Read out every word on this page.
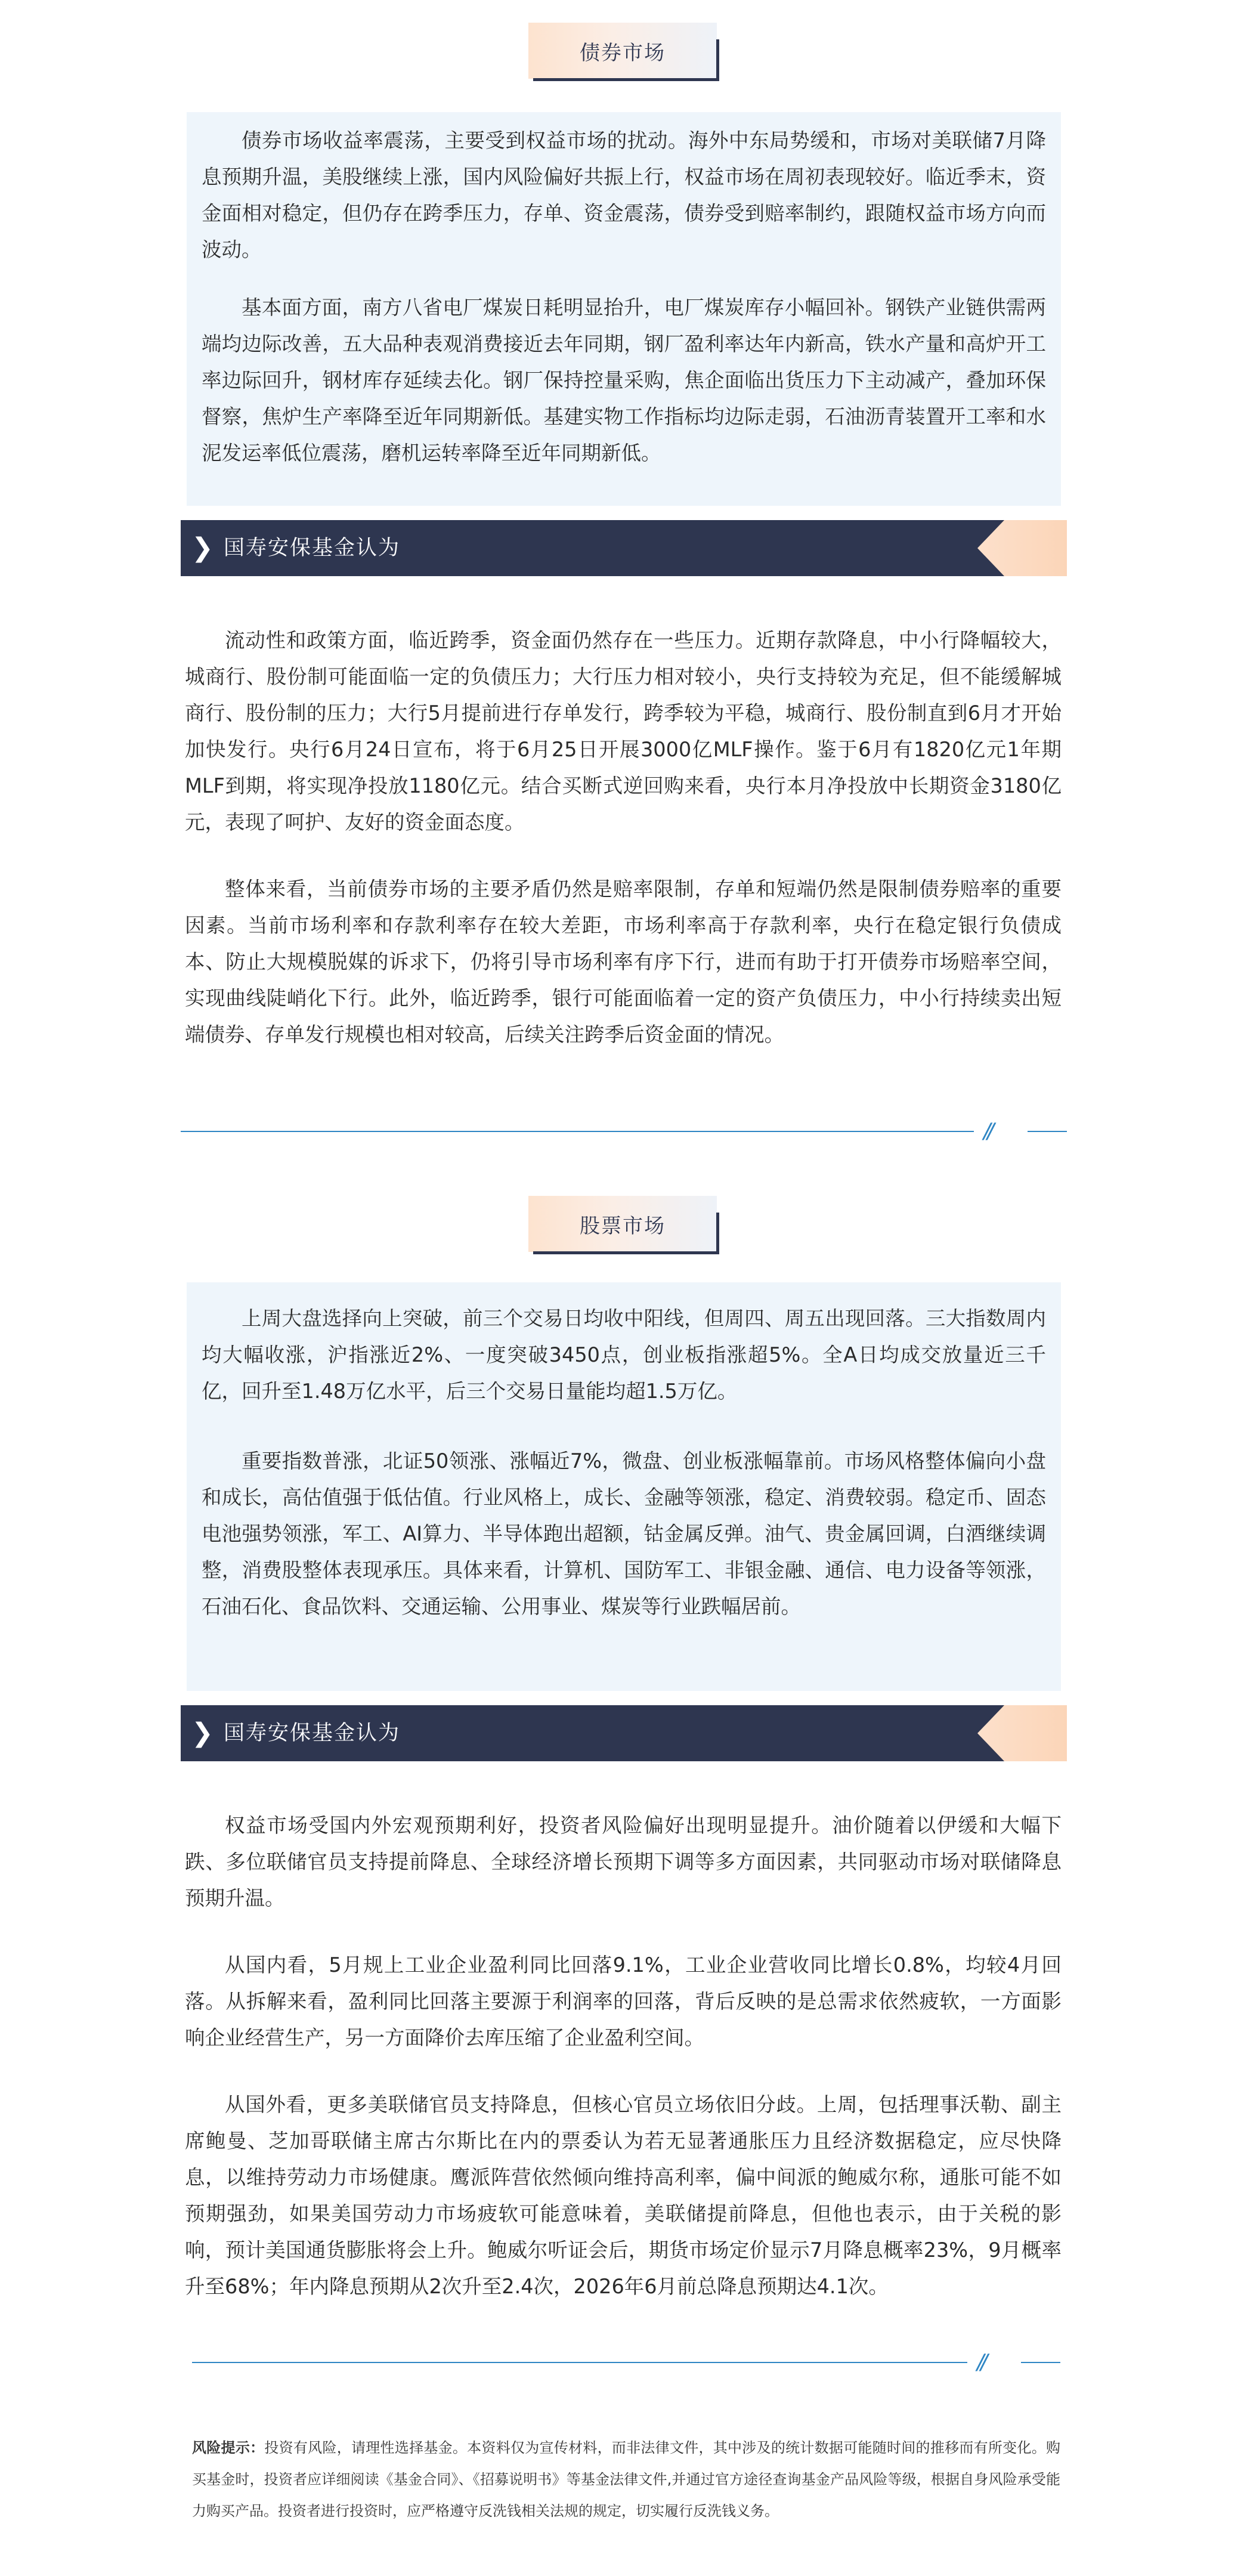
债券市场

债券市场收益率震荡，主要受到权益市场的扰动。海外中东局势缓和，市场对美联储7月降息预期升温，美股继续上涨，国内风险偏好共振上行，权益市场在周初表现较好。临近季末，资金面相对稳定，但仍存在跨季压力，存单、资金震荡，债券受到赔率制约，跟随权益市场方向而波动。

基本面方面，南方八省电厂煤炭日耗明显抬升，电厂煤炭库存小幅回补。钢铁产业链供需两端均边际改善，五大品种表观消费接近去年同期，钢厂盈利率达年内新高，铁水产量和高炉开工率边际回升，钢材库存延续去化。钢厂保持控量采购，焦企面临出货压力下主动减产，叠加环保督察，焦炉生产率降至近年同期新低。基建实物工作指标均边际走弱，石油沥青装置开工率和水泥发运率低位震荡，磨机运转率降至近年同期新低。

❯ 国寿安保基金认为

流动性和政策方面，临近跨季，资金面仍然存在一些压力。近期存款降息，中小行降幅较大，城商行、股份制可能面临一定的负债压力；大行压力相对较小，央行支持较为充足，但不能缓解城商行、股份制的压力；大行5月提前进行存单发行，跨季较为平稳，城商行、股份制直到6月才开始加快发行。央行6月24日宣布，将于6月25日开展3000亿MLF操作。鉴于6月有1820亿元1年期MLF到期，将实现净投放1180亿元。结合买断式逆回购来看，央行本月净投放中长期资金3180亿元，表现了呵护、友好的资金面态度。

整体来看，当前债券市场的主要矛盾仍然是赔率限制，存单和短端仍然是限制债券赔率的重要因素。当前市场利率和存款利率存在较大差距，市场利率高于存款利率，央行在稳定银行负债成本、防止大规模脱媒的诉求下，仍将引导市场利率有序下行，进而有助于打开债券市场赔率空间，实现曲线陡峭化下行。此外，临近跨季，银行可能面临着一定的资产负债压力，中小行持续卖出短端债券、存单发行规模也相对较高，后续关注跨季后资金面的情况。

//
股票市场

上周大盘选择向上突破，前三个交易日均收中阳线，但周四、周五出现回落。三大指数周内均大幅收涨，沪指涨近2%、一度突破3450点，创业板指涨超5%。全A日均成交放量近三千亿，回升至1.48万亿水平，后三个交易日量能均超1.5万亿。

重要指数普涨，北证50领涨、涨幅近7%，微盘、创业板涨幅靠前。市场风格整体偏向小盘和成长，高估值强于低估值。行业风格上，成长、金融等领涨，稳定、消费较弱。稳定币、固态电池强势领涨，军工、AI算力、半导体跑出超额，钴金属反弹。油气、贵金属回调，白酒继续调整，消费股整体表现承压。具体来看，计算机、国防军工、非银金融、通信、电力设备等领涨，石油石化、食品饮料、交通运输、公用事业、煤炭等行业跌幅居前。

❯ 国寿安保基金认为

权益市场受国内外宏观预期利好，投资者风险偏好出现明显提升。油价随着以伊缓和大幅下跌、多位联储官员支持提前降息、全球经济增长预期下调等多方面因素，共同驱动市场对联储降息预期升温。

从国内看，5月规上工业企业盈利同比回落9.1%，工业企业营收同比增长0.8%，均较4月回落。从拆解来看，盈利同比回落主要源于利润率的回落，背后反映的是总需求依然疲软，一方面影响企业经营生产，另一方面降价去库压缩了企业盈利空间。

从国外看，更多美联储官员支持降息，但核心官员立场依旧分歧。上周，包括理事沃勒、副主席鲍曼、芝加哥联储主席古尔斯比在内的票委认为若无显著通胀压力且经济数据稳定，应尽快降息，以维持劳动力市场健康。鹰派阵营依然倾向维持高利率，偏中间派的鲍威尔称，通胀可能不如预期强劲，如果美国劳动力市场疲软可能意味着，美联储提前降息，但他也表示，由于关税的影响，预计美国通货膨胀将会上升。鲍威尔听证会后，期货市场定价显示7月降息概率23%，9月概率升至68%；年内降息预期从2次升至2.4次，2026年6月前总降息预期达4.1次。

//

风险提示：投资有风险，请理性选择基金。本资料仅为宣传材料，而非法律文件，其中涉及的统计数据可能随时间的推移而有所变化。购买基金时，投资者应详细阅读《基金合同》、《招募说明书》等基金法律文件,并通过官方途径查询基金产品风险等级，根据自身风险承受能力购买产品。投资者进行投资时，应严格遵守反洗钱相关法规的规定，切实履行反洗钱义务。
